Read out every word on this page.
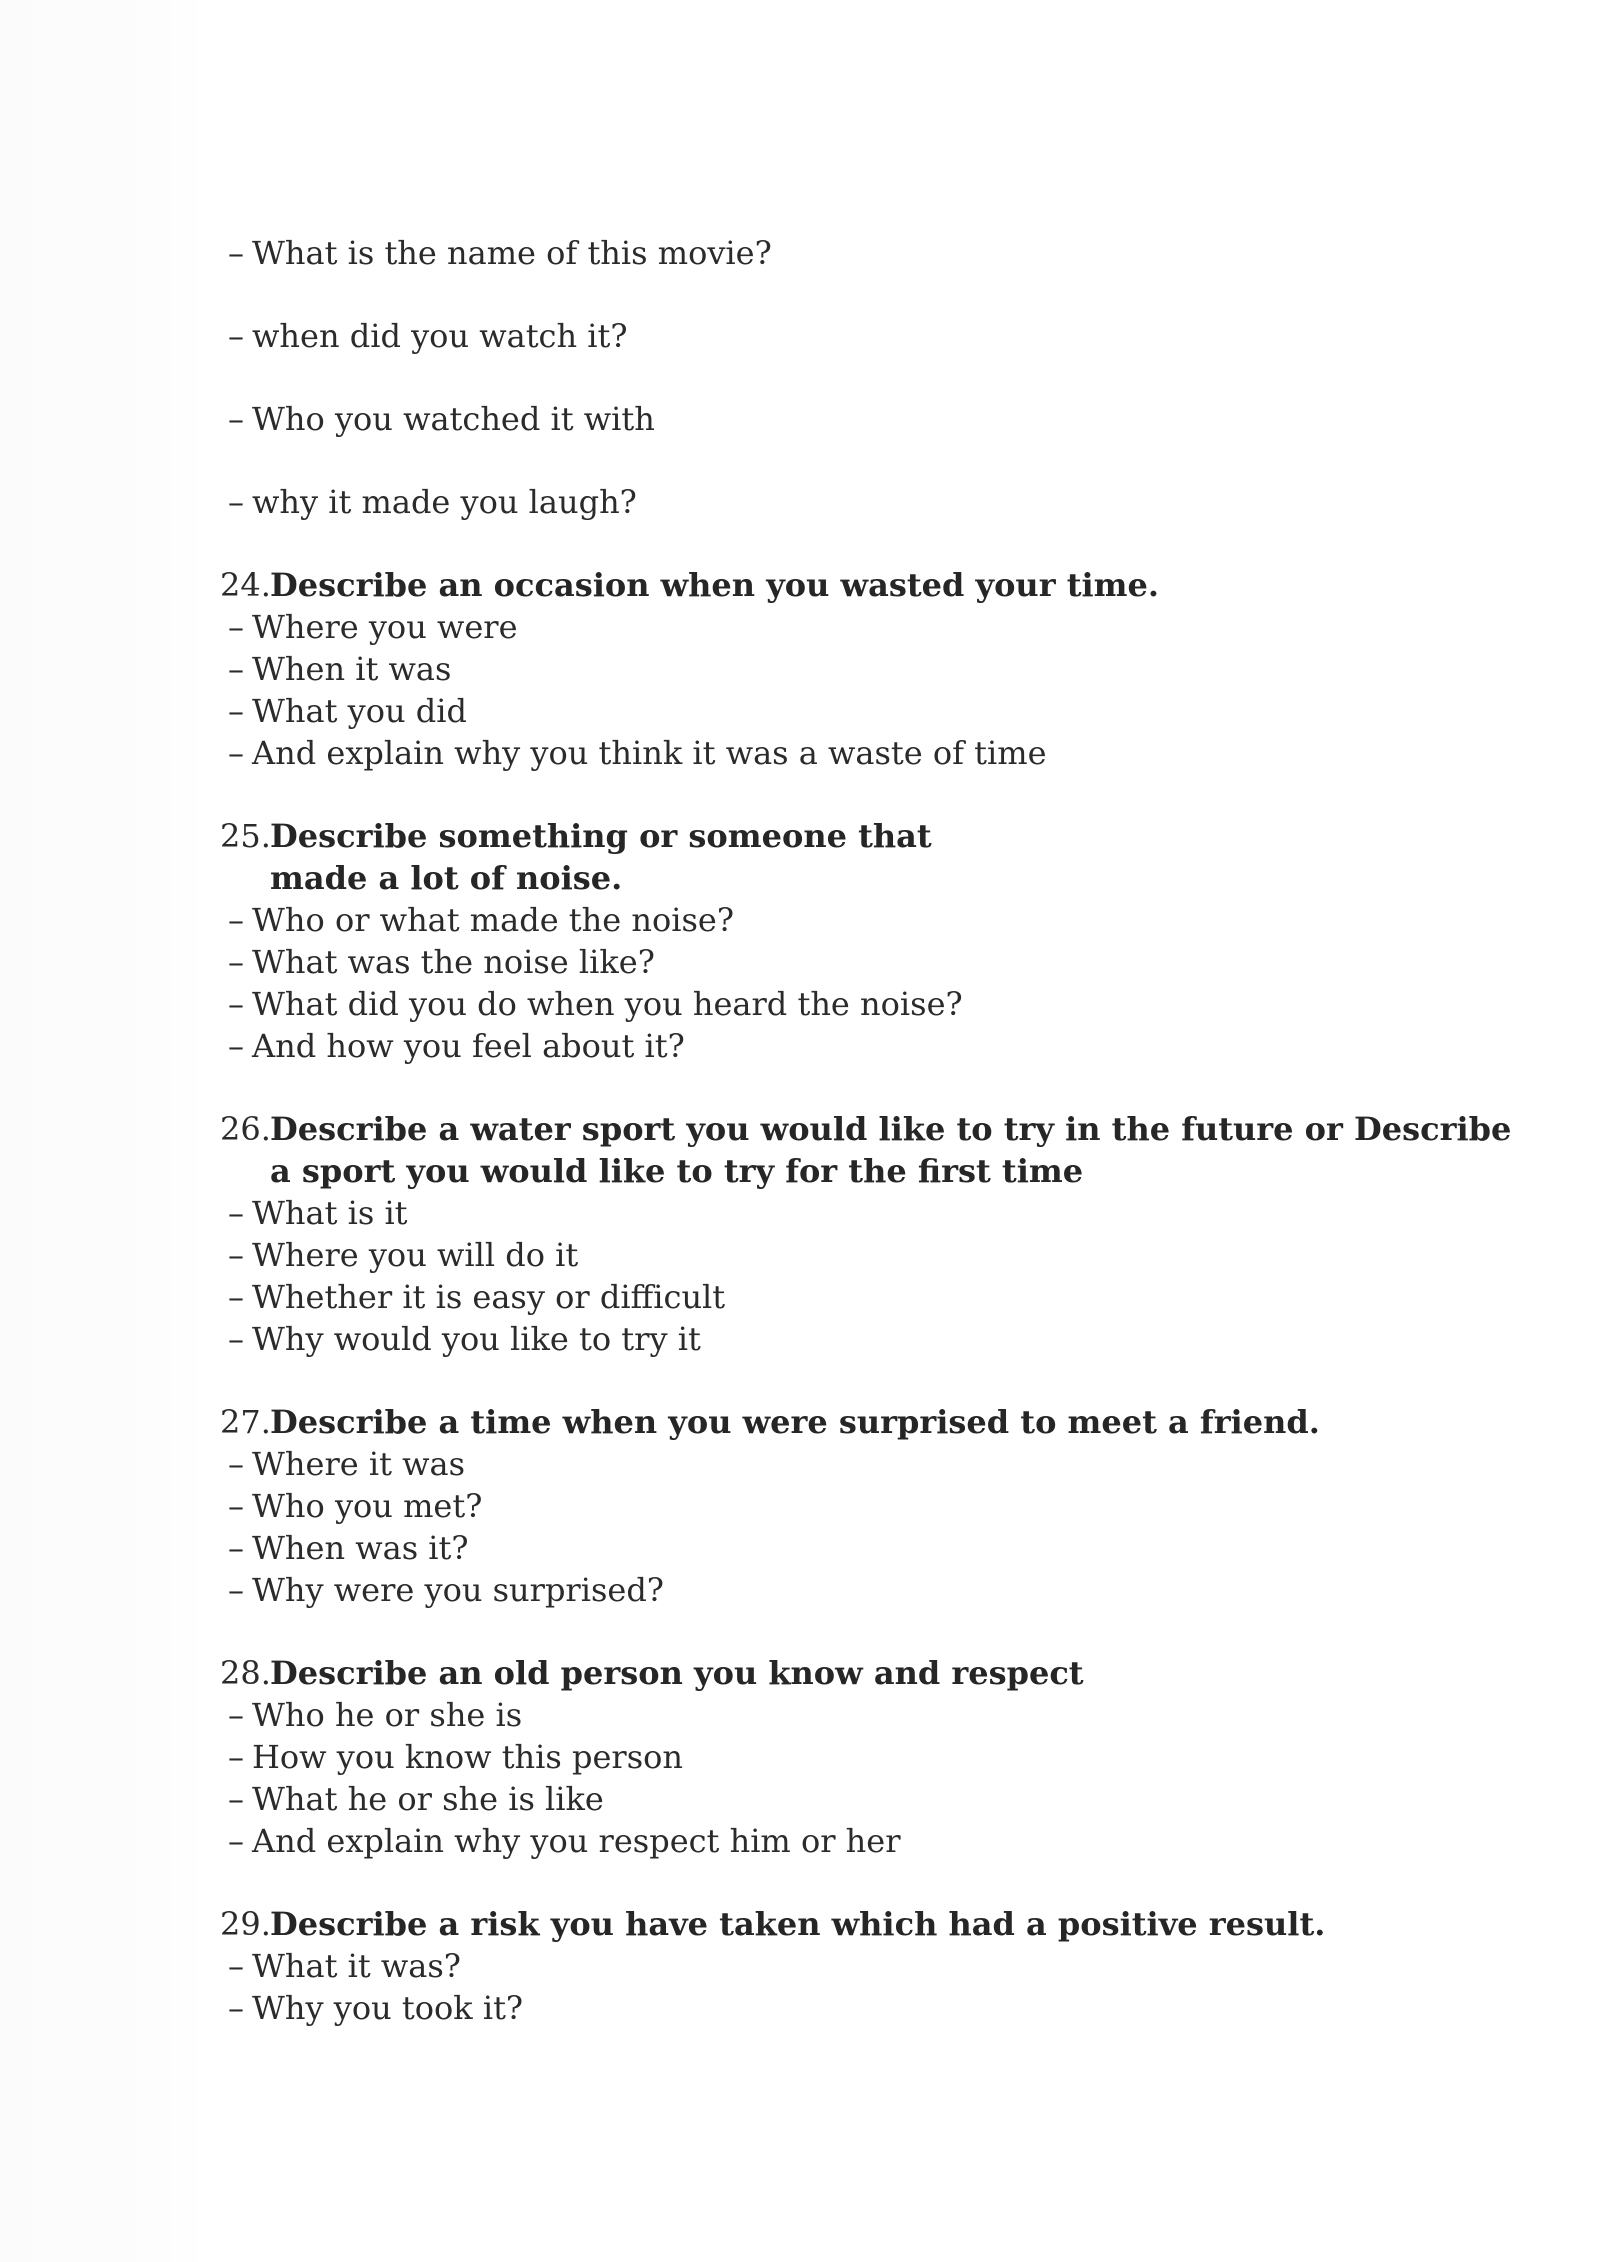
– What is the name of this movie?
– when did you watch it?
– Who you watched it with
– why it made you laugh?
24. Describe an occasion when you wasted your time.
– Where you were
– When it was
– What you did
– And explain why you think it was a waste of time
25. Describe something or someone that made a lot of noise.
– Who or what made the noise?
– What was the noise like?
– What did you do when you heard the noise?
– And how you feel about it?
26. Describe a water sport you would like to try in the future or Describe a sport you would like to try for the first time
– What is it
– Where you will do it
– Whether it is easy or difficult
– Why would you like to try it
27. Describe a time when you were surprised to meet a friend.
– Where it was
– Who you met?
– When was it?
– Why were you surprised?
28. Describe an old person you know and respect
– Who he or she is
– How you know this person
– What he or she is like
– And explain why you respect him or her
29. Describe a risk you have taken which had a positive result.
– What it was?
– Why you took it?
